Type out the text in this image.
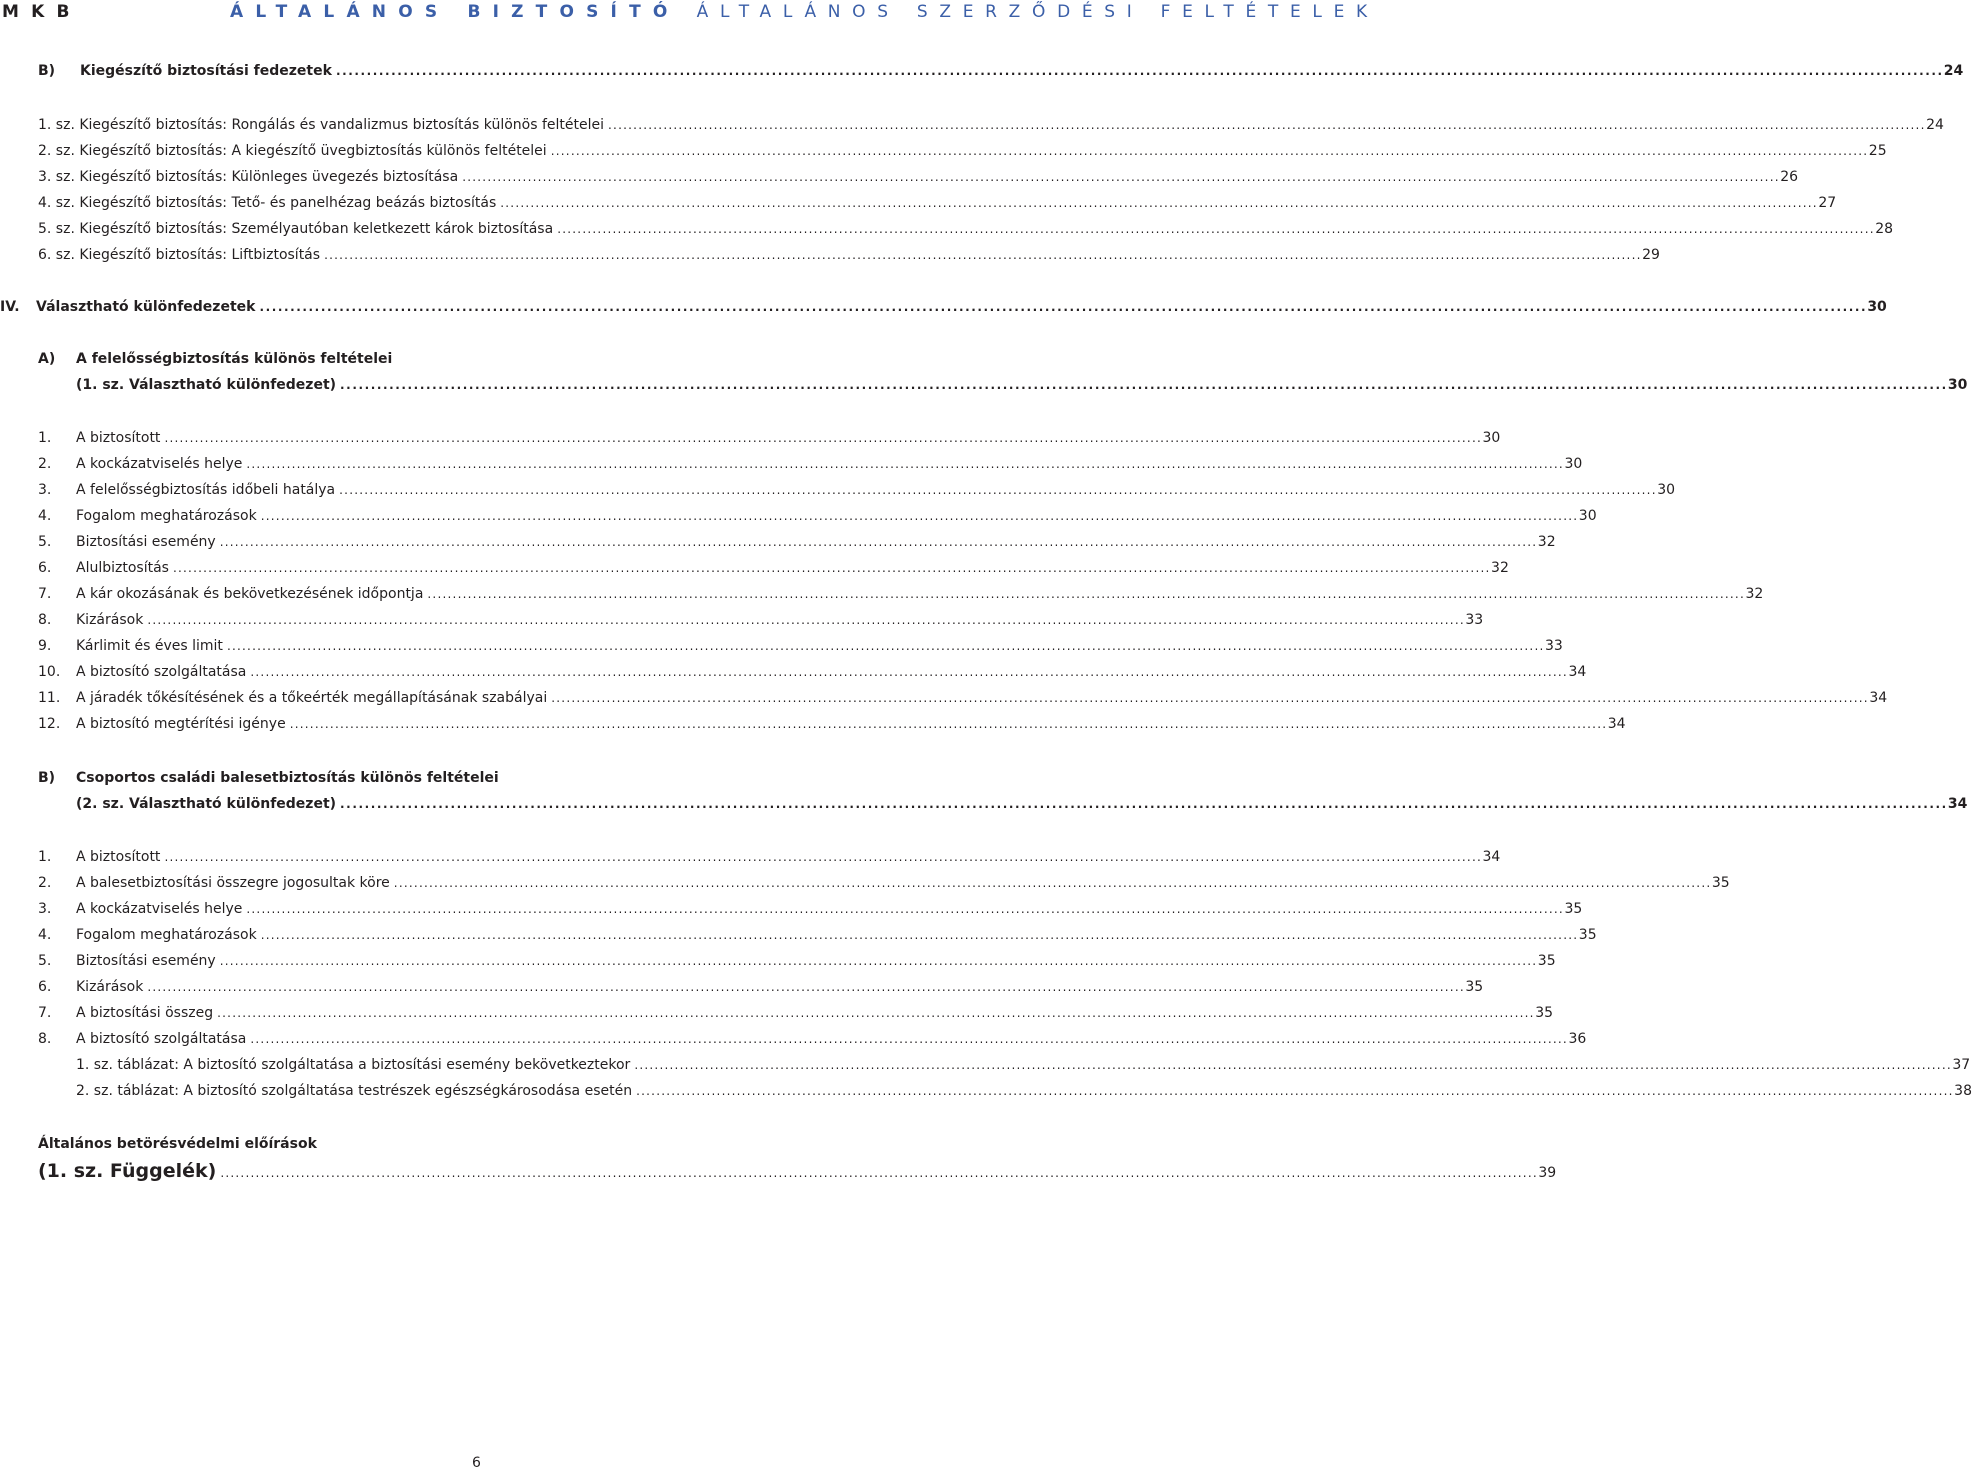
MKB	ÁLTALÁNOS BIZTOSÍTÓ ÁLTALÁNOS SZERZŐDÉSI FELTÉTELEK
B)	Kiegészítő biztosítási fedezetek . . .	24
1. sz. Kiegészítő biztosítás: Rongálás és vandalizmus biztosítás különös feltételei . . .	24
2. sz. Kiegészítő biztosítás: A kiegészítő üvegbiztosítás különös feltételei . . .	25
3. sz. Kiegészítő biztosítás: Különleges üvegezés biztosítása . . .	26
4. sz. Kiegészítő biztosítás: Tető- és panelhézag beázás biztosítás . . .	27
5. sz. Kiegészítő biztosítás: Személyautóban keletkezett károk biztosítása . . .	28
6. sz. Kiegészítő biztosítás: Liftbiztosítás . . .	29
IV.	Választható különfedezetek . . .	30
A) A felelősségbiztosítás különös feltételei
(1. sz. Választható különfedezet) . . .	30
1.	A biztosított . . .	30
2.	A kockázatviselés helye . . .	30
3.	A felelősségbiztosítás időbeli hatálya . . .	30
4.	Fogalom meghatározások . . .	30
5.	Biztosítási esemény . . .	32
6.	Alulbiztosítás . . .	32
7.	A kár okozásának és bekövetkezésének időpontja . . .	32
8.	Kizárások . . .	33
9.	Kárlimit és éves limit . . .	33
10.	A biztosító szolgáltatása . . .	34
11.	A járadék tőkésítésének és a tőkeérték megállapításának szabályai . . .	34
12.	A biztosító megtérítési igénye . . .	34
B) Csoportos családi balesetbiztosítás különös feltételei
(2. sz. Választható különfedezet) . . .	34
1.	A biztosított . . .	34
2.	A balesetbiztosítási összegre jogosultak köre . . .	35
3.	A kockázatviselés helye . . .	35
4.	Fogalom meghatározások . . .	35
5.	Biztosítási esemény . . .	35
6.	Kizárások . . .	35
7.	A biztosítási összeg . . .	35
8.	A biztosító szolgáltatása . . .	36
1. sz. táblázat: A biztosító szolgáltatása a biztosítási esemény bekövetkeztekor . . .	37
2. sz. táblázat: A biztosító szolgáltatása testrészek egészségkárosodása esetén . . .	38
Általános betörésvédelmi előírások
(1. sz. Függelék) . . .	39
6
